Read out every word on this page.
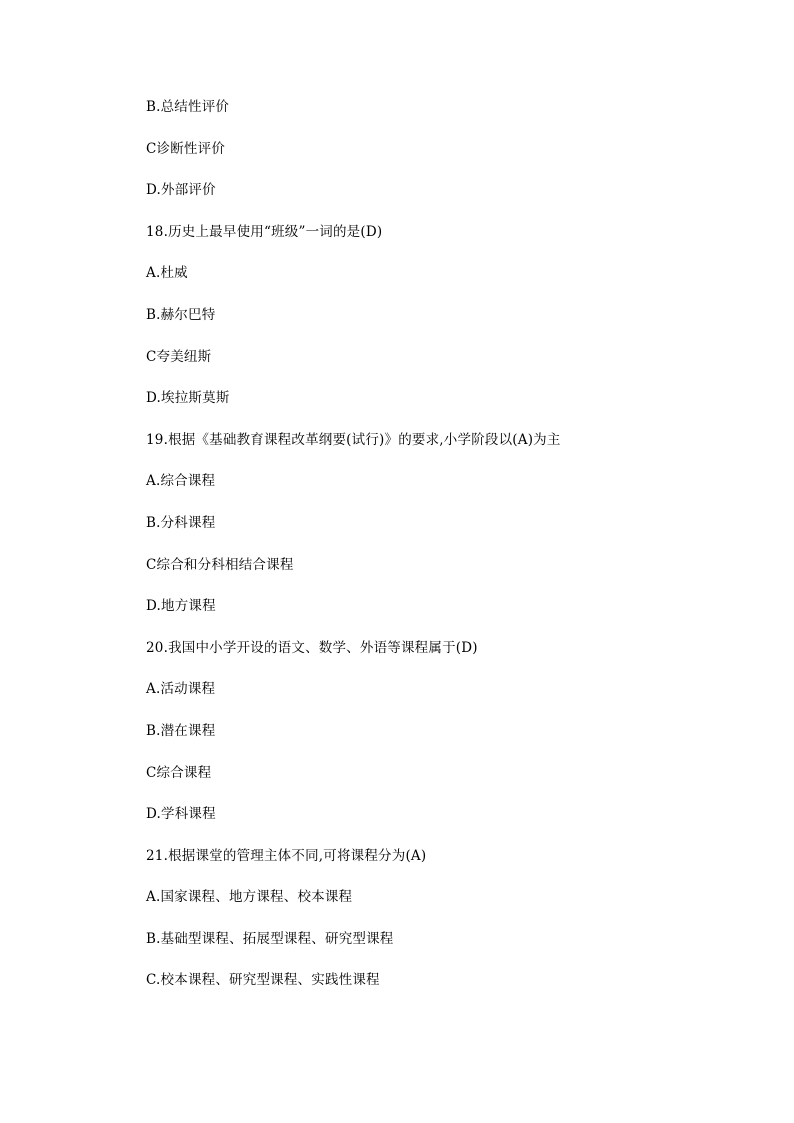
B.总结性评价
C诊断性评价
D.外部评价
18.历史上最早使用“班级”一词的是(D)
A.杜威
B.赫尔巴特
C夸美纽斯
D.埃拉斯莫斯
19.根据《基础教育课程改革纲要(试行)》的要求,小学阶段以(A)为主
A.综合课程
B.分科课程
C综合和分科相结合课程
D.地方课程
20.我国中小学开设的语文、数学、外语等课程属于(D)
A.活动课程
B.潜在课程
C综合课程
D.学科课程
21.根据课堂的管理主体不同,可将课程分为(A)
A.国家课程、地方课程、校本课程
B.基础型课程、拓展型课程、研究型课程
C.校本课程、研究型课程、实践性课程
